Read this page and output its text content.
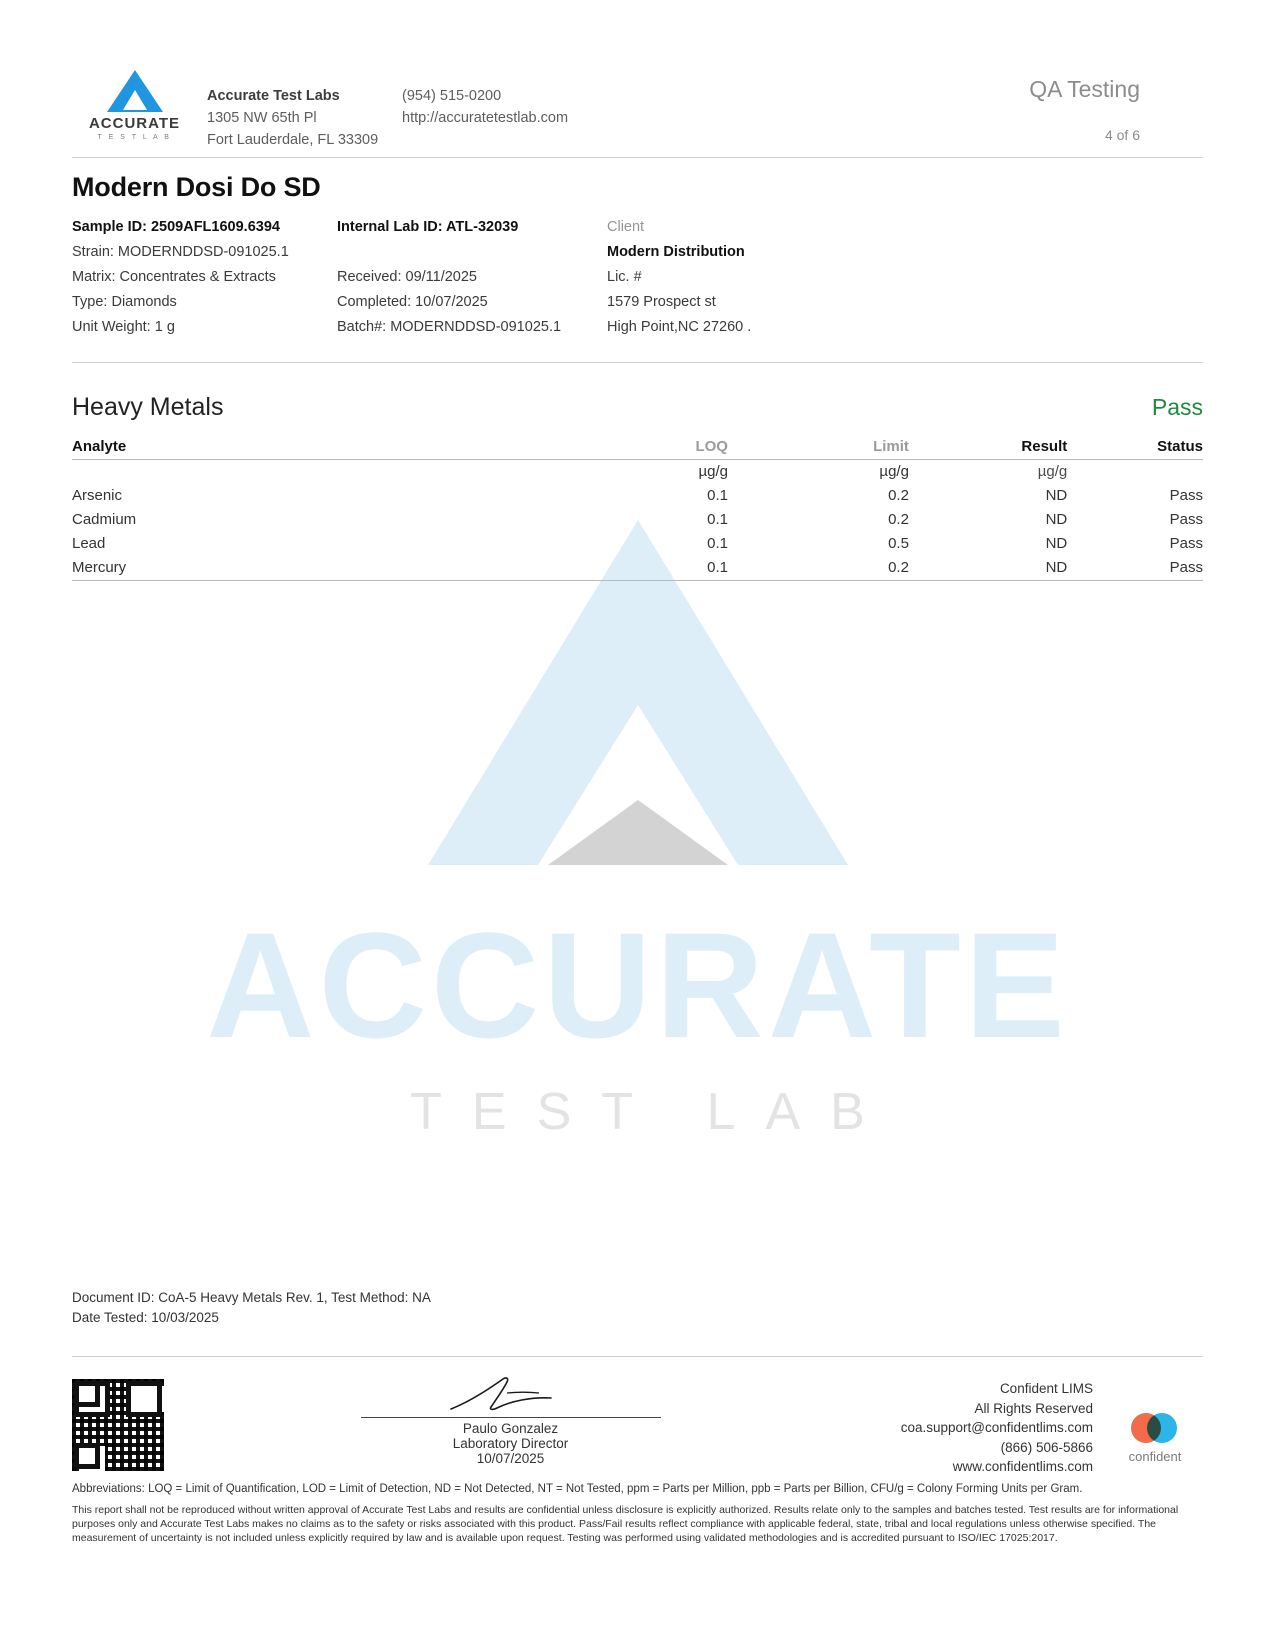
ACCURATE
TEST LAB
ACCURATE
T E S T L A B
Accurate Test Labs
1305 NW 65th Pl
Fort Lauderdale, FL 33309
(954) 515-0200
http://accuratetestlab.com
QA Testing
4 of 6
Modern Dosi Do SD
Sample ID: 2509AFL1609.6394
Strain: MODERNDDSD-091025.1
Matrix: Concentrates & Extracts
Type: Diamonds
Unit Weight: 1 g
Internal Lab ID: ATL-32039
Received: 09/11/2025
Completed: 10/07/2025
Batch#: MODERNDDSD-091025.1
Client
Modern Distribution
Lic. #
1579 Prospect st
High Point,NC 27260 .
Heavy Metals	Pass
Analyte	LOQ	Limit	Result	Status
	µg/g	µg/g	µg/g	
Arsenic	0.1	0.2	ND	Pass
Cadmium	0.1	0.2	ND	Pass
Lead	0.1	0.5	ND	Pass
Mercury	0.1	0.2	ND	Pass
Document ID: CoA-5 Heavy Metals Rev. 1, Test Method: NA
Date Tested: 10/03/2025
Paulo Gonzalez
Laboratory Director
10/07/2025
Confident LIMS
All Rights Reserved
coa.support@confidentlims.com
(866) 506-5866
www.confidentlims.com
confident
Abbreviations: LOQ = Limit of Quantification, LOD = Limit of Detection, ND = Not Detected, NT = Not Tested, ppm = Parts per Million, ppb = Parts per Billion, CFU/g = Colony Forming Units per Gram.
This report shall not be reproduced without written approval of Accurate Test Labs and results are confidential unless disclosure is explicitly authorized. Results relate only to the samples and batches tested. Test results are for informational purposes only and Accurate Test Labs makes no claims as to the safety or risks associated with this product. Pass/Fail results reflect compliance with applicable federal, state, tribal and local regulations unless otherwise specified. The measurement of uncertainty is not included unless explicitly required by law and is available upon request. Testing was performed using validated methodologies and is accredited pursuant to ISO/IEC 17025:2017.
